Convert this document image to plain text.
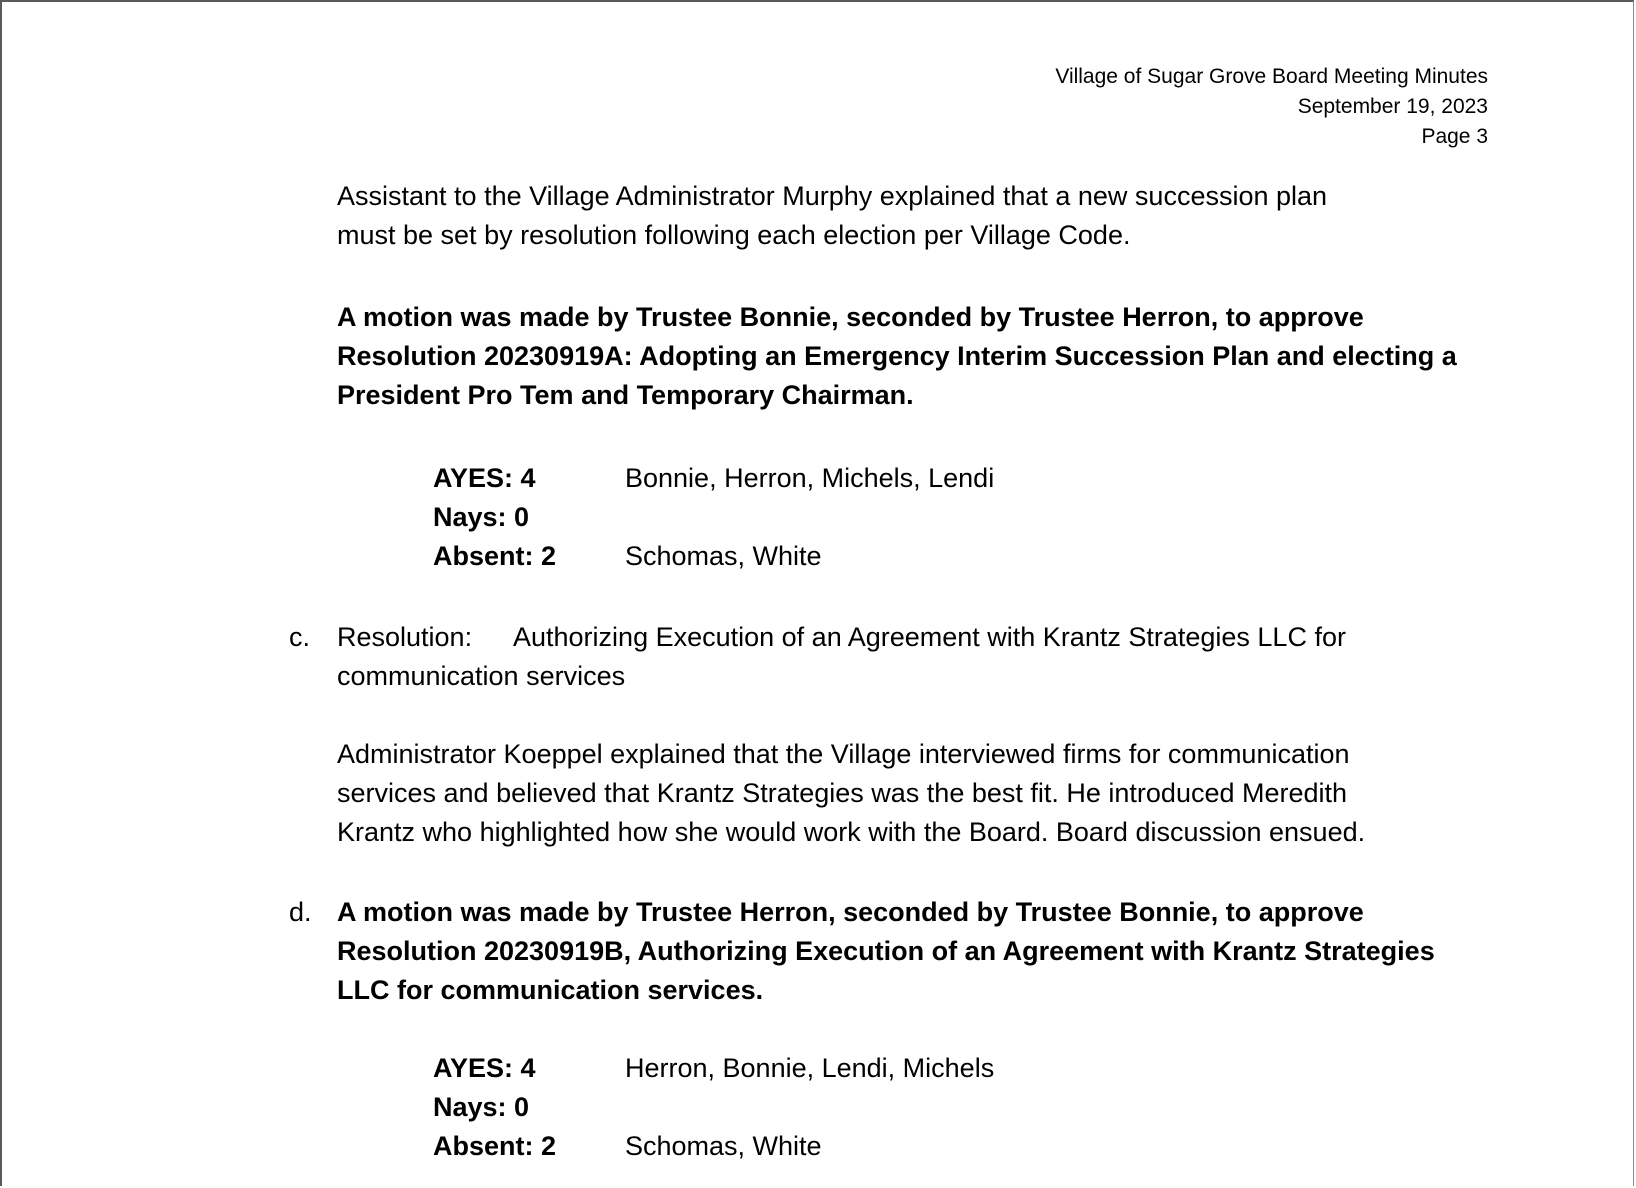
Village of Sugar Grove Board Meeting Minutes
September 19, 2023
Page 3
Assistant to the Village Administrator Murphy explained that a new succession plan
must be set by resolution following each election per Village Code.
A motion was made by Trustee Bonnie, seconded by Trustee Herron, to approve
Resolution 20230919A: Adopting an Emergency Interim Succession Plan and electing a
President Pro Tem and Temporary Chairman.
AYES: 4	Bonnie, Herron, Michels, Lendi
Nays: 0
Absent: 2	Schomas, White
c. Resolution: Authorizing Execution of an Agreement with Krantz Strategies LLC for
communication services
Administrator Koeppel explained that the Village interviewed firms for communication
services and believed that Krantz Strategies was the best fit. He introduced Meredith
Krantz who highlighted how she would work with the Board. Board discussion ensued.
d. A motion was made by Trustee Herron, seconded by Trustee Bonnie, to approve
Resolution 20230919B, Authorizing Execution of an Agreement with Krantz Strategies
LLC for communication services.
AYES: 4	Herron, Bonnie, Lendi, Michels
Nays: 0
Absent: 2	Schomas, White
